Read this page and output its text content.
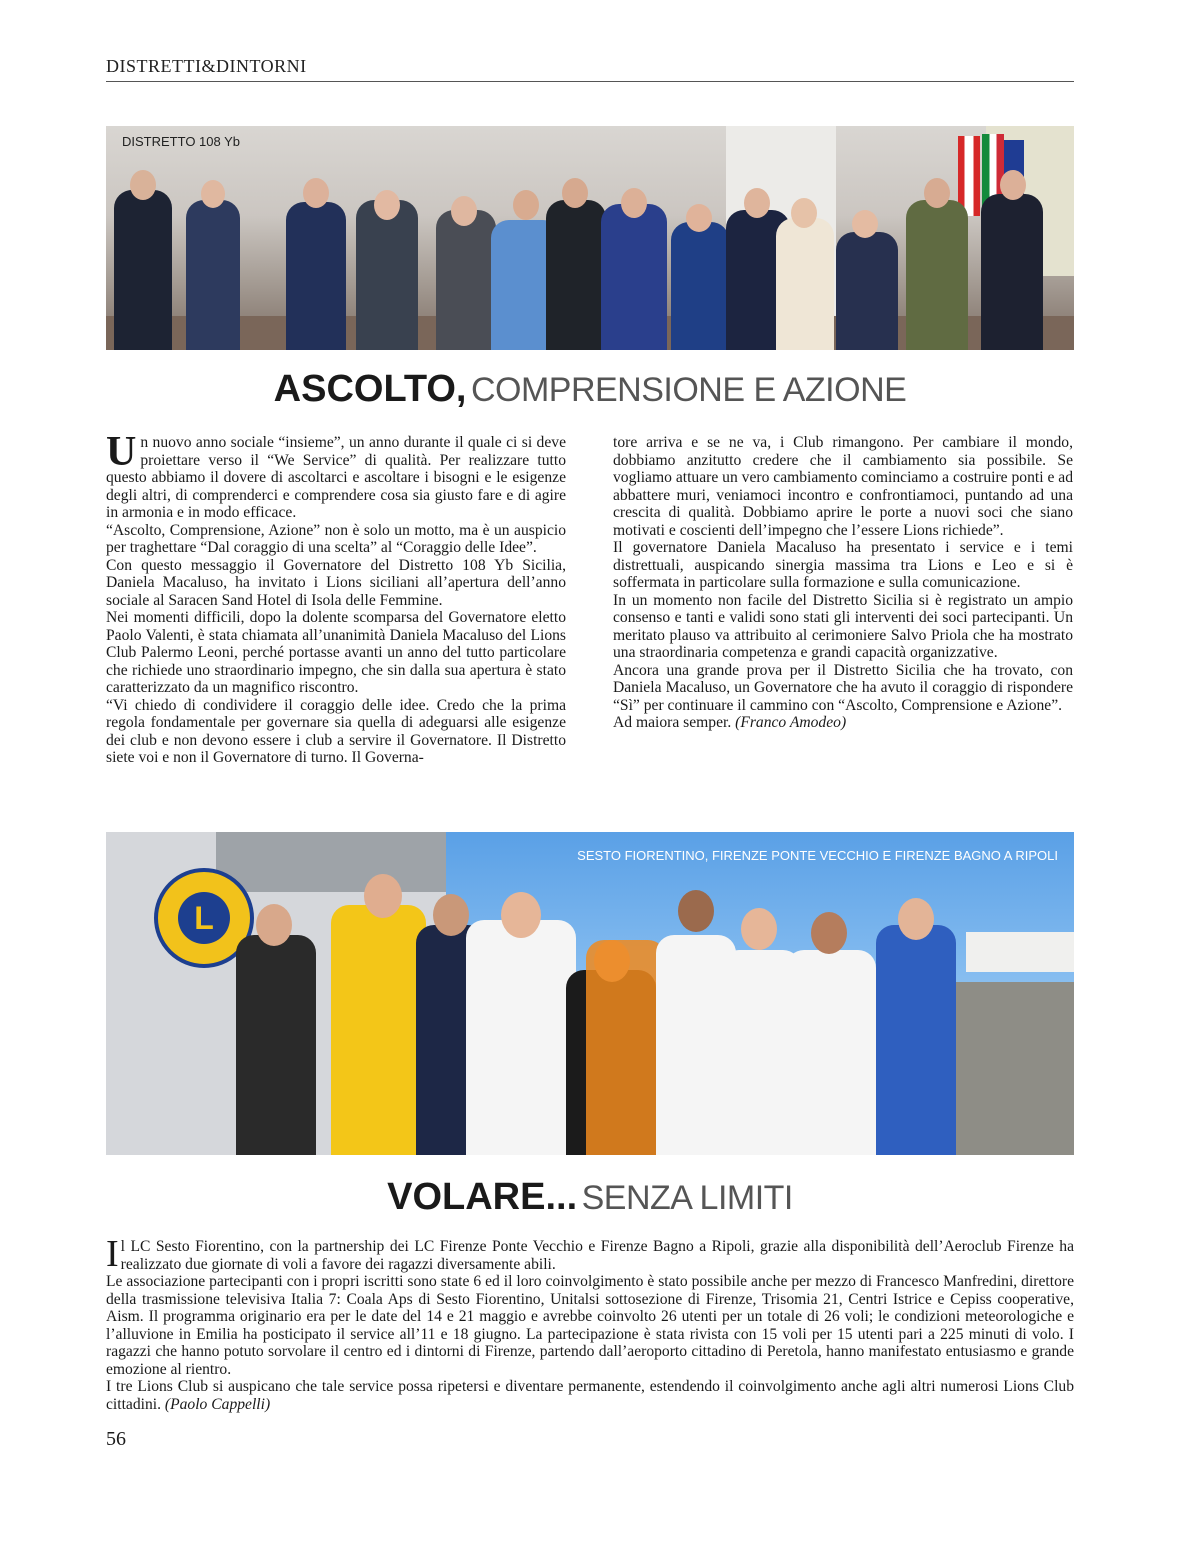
DISTRETTI&DINTORNI
DISTRETTO 108 Yb
ASCOLTO, COMPRENSIONE E AZIONE
U n nuovo anno sociale “insieme”, un anno durante il quale ci si deve proiettare verso il “We Service” di qualità. Per realizzare tutto questo abbiamo il dovere di ascoltarci e ascoltare i bisogni e le esigenze degli altri, di comprenderci e comprendere cosa sia giusto fare e di agire in armonia e in modo efficace.

“Ascolto, Comprensione, Azione” non è solo un motto, ma è un auspicio per traghettare “Dal coraggio di una scelta” al “Coraggio delle Idee”.

Con questo messaggio il Governatore del Distretto 108 Yb Sicilia, Daniela Macaluso, ha invitato i Lions siciliani all’apertura dell’anno sociale al Saracen Sand Hotel di Isola delle Femmine.

Nei momenti difficili, dopo la dolente scomparsa del Governatore eletto Paolo Valenti, è stata chiamata all’unanimità Daniela Macaluso del Lions Club Palermo Leoni, perché portasse avanti un anno del tutto particolare che richiede uno straordinario impegno, che sin dalla sua apertura è stato caratterizzato da un magnifico riscontro.

“Vi chiedo di condividere il coraggio delle idee. Credo che la prima regola fondamentale per governare sia quella di adeguarsi alle esigenze dei club e non devono essere i club a servire il Governatore. Il Distretto siete voi e non il Governatore di turno. Il Governa-

tore arriva e se ne va, i Club rimangono. Per cambiare il mondo, dobbiamo anzitutto credere che il cambiamento sia possibile. Se vogliamo attuare un vero cambiamento cominciamo a costruire ponti e ad abbattere muri, veniamoci incontro e confrontiamoci, puntando ad una crescita di qualità. Dobbiamo aprire le porte a nuovi soci che siano motivati e coscienti dell’impegno che l’essere Lions richiede”.

Il governatore Daniela Macaluso ha presentato i service e i temi distrettuali, auspicando sinergia massima tra Lions e Leo e si è soffermata in particolare sulla formazione e sulla comunicazione.

In un momento non facile del Distretto Sicilia si è registrato un ampio consenso e tanti e validi sono stati gli interventi dei soci partecipanti. Un meritato plauso va attribuito al cerimoniere Salvo Priola che ha mostrato una straordinaria competenza e grandi capacità organizzative.

Ancora una grande prova per il Distretto Sicilia che ha trovato, con Daniela Macaluso, un Governatore che ha avuto il coraggio di rispondere “Sì” per continuare il cammino con “Ascolto, Comprensione e Azione”.

Ad maiora semper. (Franco Amodeo)

L
SESTO FIORENTINO, FIRENZE PONTE VECCHIO E FIRENZE BAGNO A RIPOLI
VOLARE... SENZA LIMITI
I l LC Sesto Fiorentino, con la partnership dei LC Firenze Ponte Vecchio e Firenze Bagno a Ripoli, grazie alla disponibilità dell’Aeroclub Firenze ha realizzato due giornate di voli a favore dei ragazzi diversamente abili.

Le associazione partecipanti con i propri iscritti sono state 6 ed il loro coinvolgimento è stato possibile anche per mezzo di Francesco Manfredini, direttore della trasmissione televisiva Italia 7: Coala Aps di Sesto Fiorentino, Unitalsi sottosezione di Firenze, Trisomia 21, Centri Istrice e Cepiss cooperative, Aism. Il programma originario era per le date del 14 e 21 maggio e avrebbe coinvolto 26 utenti per un totale di 26 voli; le condizioni meteorologiche e l’alluvione in Emilia ha posticipato il service all’11 e 18 giugno. La partecipazione è stata rivista con 15 voli per 15 utenti pari a 225 minuti di volo. I ragazzi che hanno potuto sorvolare il centro ed i dintorni di Firenze, partendo dall’aeroporto cittadino di Peretola, hanno manifestato entusiasmo e grande emozione al rientro.

I tre Lions Club si auspicano che tale service possa ripetersi e diventare permanente, estendendo il coinvolgimento anche agli altri numerosi Lions Club cittadini. (Paolo Cappelli)

56
